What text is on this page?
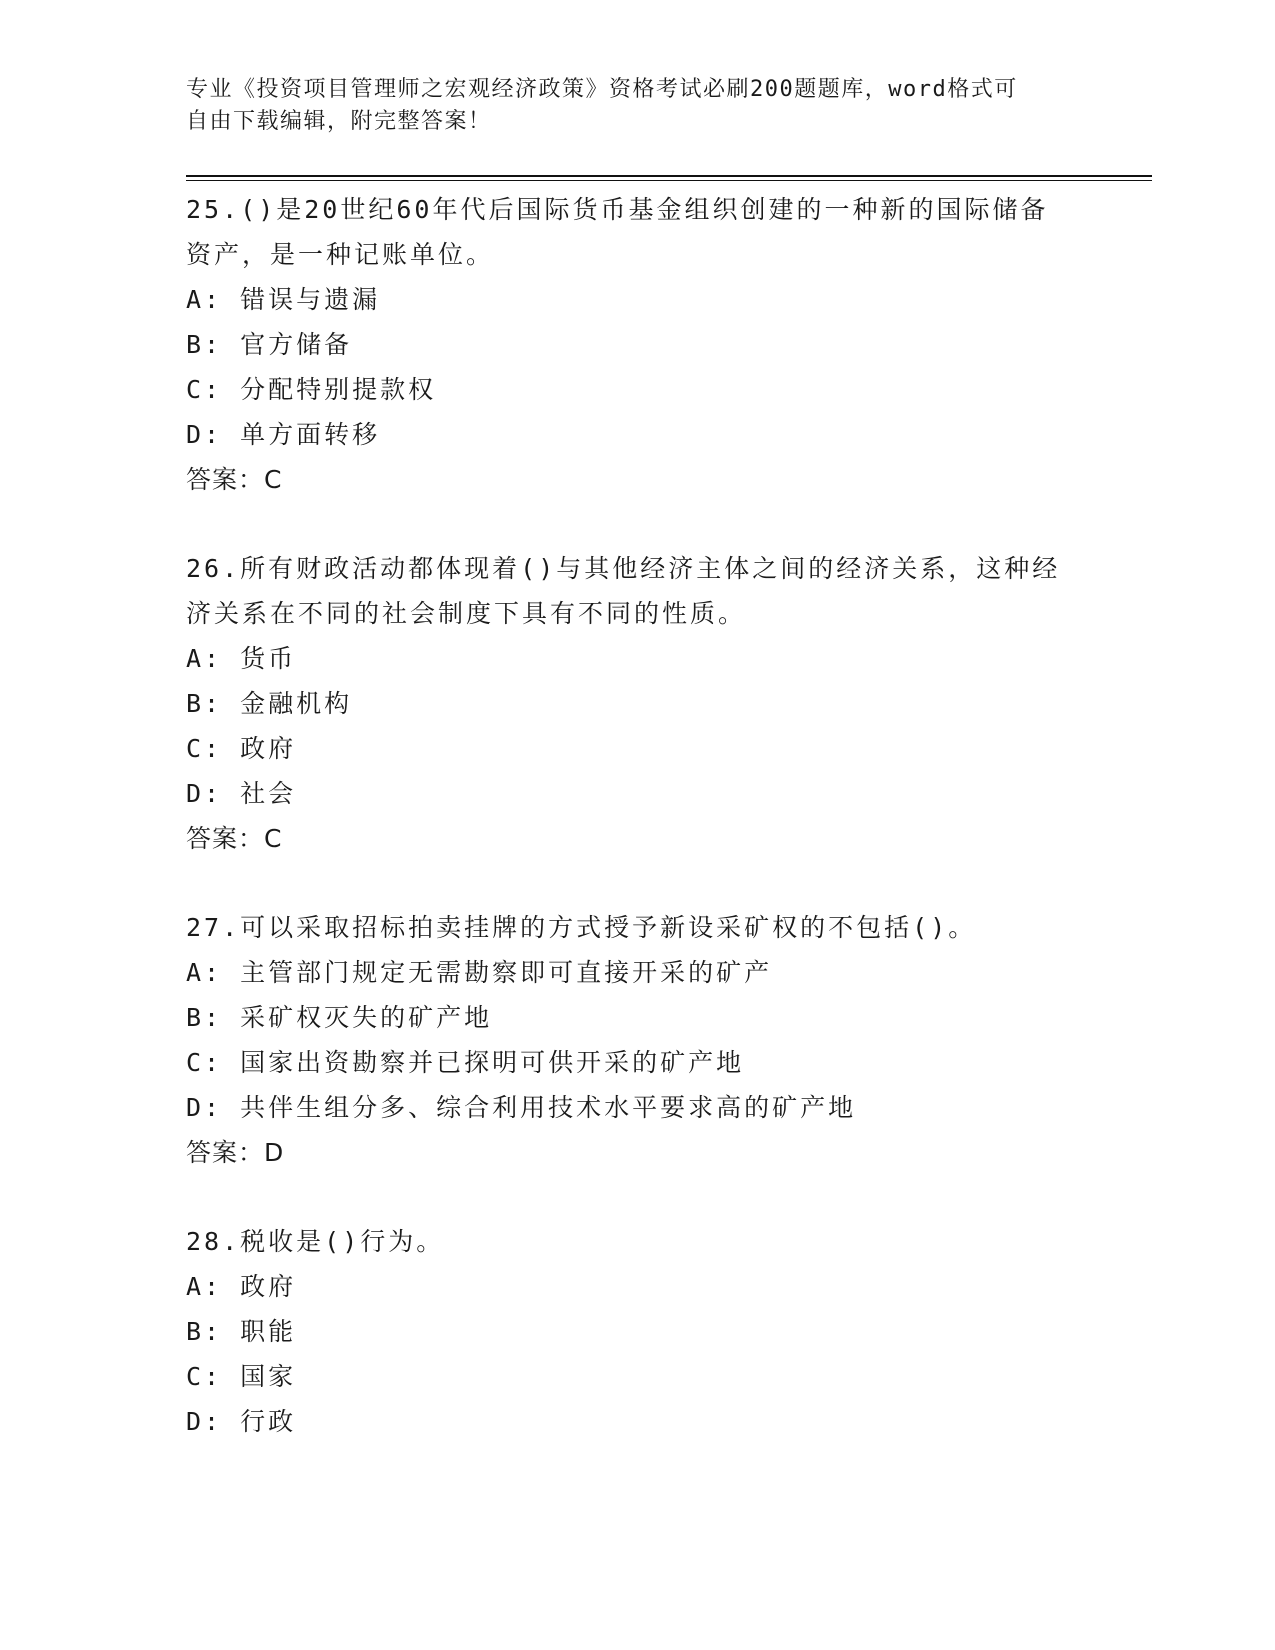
专业《投资项目管理师之宏观经济政策》资格考试必刷200题题库，word格式可
自由下载编辑，附完整答案！

25.()是20世纪60年代后国际货币基金组织创建的一种新的国际储备

资产，是一种记账单位。

A: 错误与遗漏

B: 官方储备

C: 分配特别提款权

D: 单方面转移

答案：C

26.所有财政活动都体现着()与其他经济主体之间的经济关系，这种经

济关系在不同的社会制度下具有不同的性质。

A: 货币

B: 金融机构

C: 政府

D: 社会

答案：C

27.可以采取招标拍卖挂牌的方式授予新设采矿权的不包括()。

A: 主管部门规定无需勘察即可直接开采的矿产

B: 采矿权灭失的矿产地

C: 国家出资勘察并已探明可供开采的矿产地

D: 共伴生组分多、综合利用技术水平要求高的矿产地

答案：D

28.税收是()行为。

A: 政府

B: 职能

C: 国家

D: 行政
